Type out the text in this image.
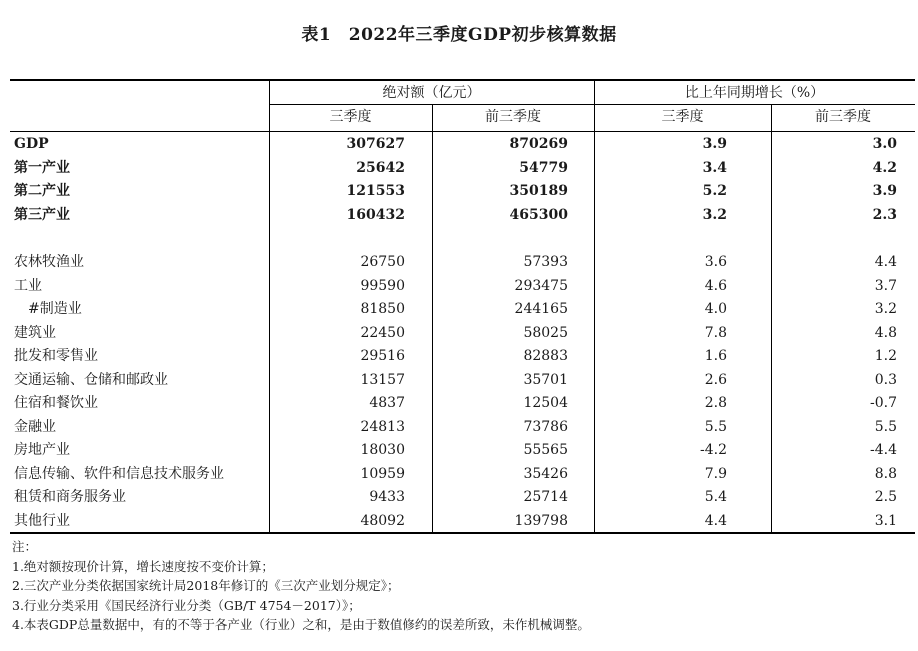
表1　2022年三季度GDP初步核算数据
绝对额（亿元）	比上年同期增长（%）
三季度	前三季度	三季度	前三季度
GDP	307627	870269	3.9	3.0
第一产业	25642	54779	3.4	4.2
第二产业	121553	350189	5.2	3.9
第三产业	160432	465300	3.2	2.3
农林牧渔业	26750	57393	3.6	4.4
工业	99590	293475	4.6	3.7
　#制造业	81850	244165	4.0	3.2
建筑业	22450	58025	7.8	4.8
批发和零售业	29516	82883	1.6	1.2
交通运输、仓储和邮政业	13157	35701	2.6	0.3
住宿和餐饮业	4837	12504	2.8	-0.7
金融业	24813	73786	5.5	5.5
房地产业	18030	55565	-4.2	-4.4
信息传输、软件和信息技术服务业	10959	35426	7.9	8.8
租赁和商务服务业	9433	25714	5.4	2.5
其他行业	48092	139798	4.4	3.1
注：
1.绝对额按现价计算，增长速度按不变价计算；
2.三次产业分类依据国家统计局2018年修订的《三次产业划分规定》；
3.行业分类采用《国民经济行业分类（GB/T 4754－2017）》；
4.本表GDP总量数据中，有的不等于各产业（行业）之和，是由于数值修约的误差所致，未作机械调整。
